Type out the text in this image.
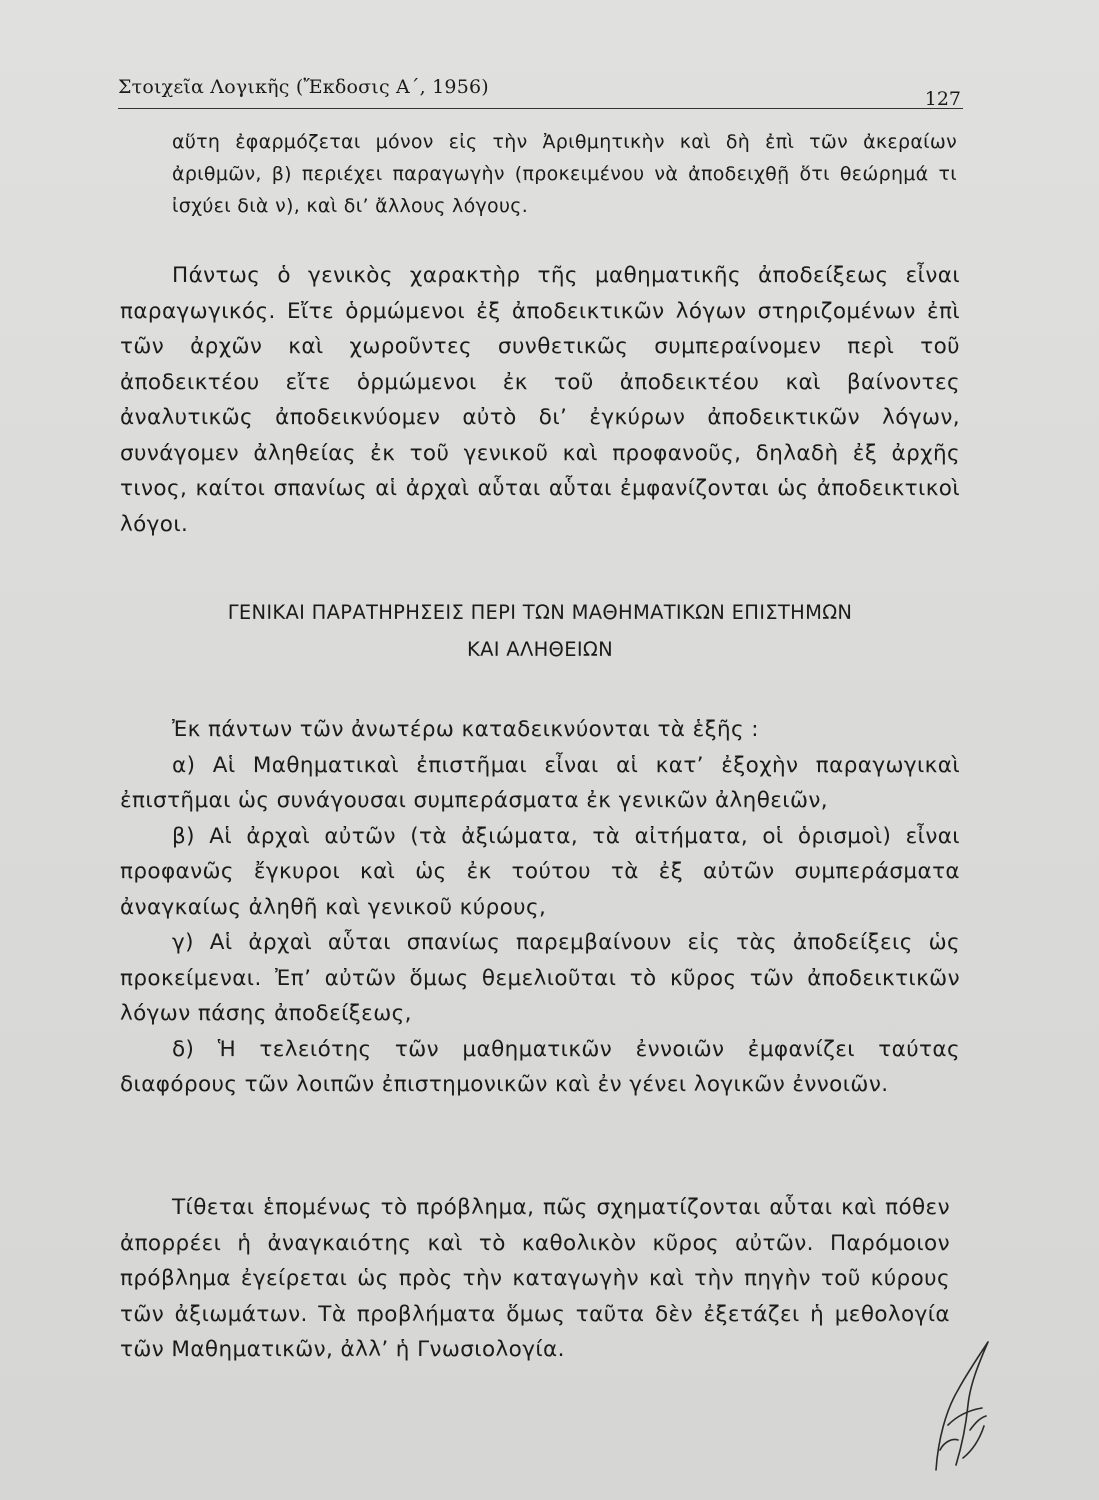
Στοιχεῖα Λογικῆς (Ἔκδοσις Α΄, 1956)
127

αὕτη ἐφαρμόζεται μόνον εἰς τὴν Ἀριθμητικὴν καὶ δὴ ἐπὶ τῶν ἀκεραίων ἀριθμῶν, β) περιέχει παραγωγὴν (προκειμένου νὰ ἀποδειχθῇ ὅτι θεώρημά τι ἰσχύει διὰ ν), καὶ δι’ ἄλλους λόγους.

Πάντως ὁ γενικὸς χαρακτὴρ τῆς μαθηματικῆς ἀποδείξεως εἶναι παραγωγικός. Εἴτε ὁρμώμενοι ἐξ ἀποδεικτικῶν λόγων στηριζομένων ἐπὶ τῶν ἀρχῶν καὶ χωροῦντες συνθετικῶς συμπεραίνομεν περὶ τοῦ ἀποδεικτέου εἴτε ὁρμώμενοι ἐκ τοῦ ἀποδεικτέου καὶ βαίνοντες ἀναλυτικῶς ἀποδεικνύομεν αὐτὸ δι’ ἐγκύρων ἀποδεικτικῶν λόγων, συνάγομεν ἀληθείας ἐκ τοῦ γενικοῦ καὶ προφανοῦς, δηλαδὴ ἐξ ἀρχῆς τινος, καίτοι σπανίως αἱ ἀρχαὶ αὗται αὗται ἐμφανίζονται ὡς ἀποδεικτικοὶ λόγοι.

ΓΕΝΙΚΑΙ ΠΑΡΑΤΗΡΗΣΕΙΣ ΠΕΡΙ ΤΩΝ ΜΑΘΗΜΑΤΙΚΩΝ ΕΠΙΣΤΗΜΩΝ
ΚΑΙ ΑΛΗΘΕΙΩΝ
Ἐκ πάντων τῶν ἀνωτέρω καταδεικνύονται τὰ ἑξῆς :
α) Αἱ Μαθηματικαὶ ἐπιστῆμαι εἶναι αἱ κατ’ ἐξοχὴν παραγωγικαὶ ἐπιστῆμαι ὡς συνάγουσαι συμπεράσματα ἐκ γενικῶν ἀληθειῶν,
β) Αἱ ἀρχαὶ αὐτῶν (τὰ ἀξιώματα, τὰ αἰτήματα, οἱ ὁρισμοὶ) εἶναι προφανῶς ἔγκυροι καὶ ὡς ἐκ τούτου τὰ ἐξ αὐτῶν συμπεράσματα ἀναγκαίως ἀληθῆ καὶ γενικοῦ κύρους,
γ) Αἱ ἀρχαὶ αὗται σπανίως παρεμβαίνουν εἰς τὰς ἀποδείξεις ὡς προκείμεναι. Ἐπ’ αὐτῶν ὅμως θεμελιοῦται τὸ κῦρος τῶν ἀποδεικτικῶν λόγων πάσης ἀποδείξεως,
δ) Ἡ τελειότης τῶν μαθηματικῶν ἐννοιῶν ἐμφανίζει ταύτας διαφόρους τῶν λοιπῶν ἐπιστημονικῶν καὶ ἐν γένει λογικῶν ἐννοιῶν.

Τίθεται ἑπομένως τὸ πρόβλημα, πῶς σχηματίζονται αὗται καὶ πόθεν ἀπορρέει ἡ ἀναγκαιότης καὶ τὸ καθολικὸν κῦρος αὐτῶν. Παρόμοιον πρόβλημα ἐγείρεται ὡς πρὸς τὴν καταγωγὴν καὶ τὴν πηγὴν τοῦ κύρους τῶν ἀξιωμάτων. Τὰ προβλήματα ὅμως ταῦτα δὲν ἐξετάζει ἡ μεθολογία τῶν Μαθηματικῶν, ἀλλ’ ἡ Γνωσιολογία.
